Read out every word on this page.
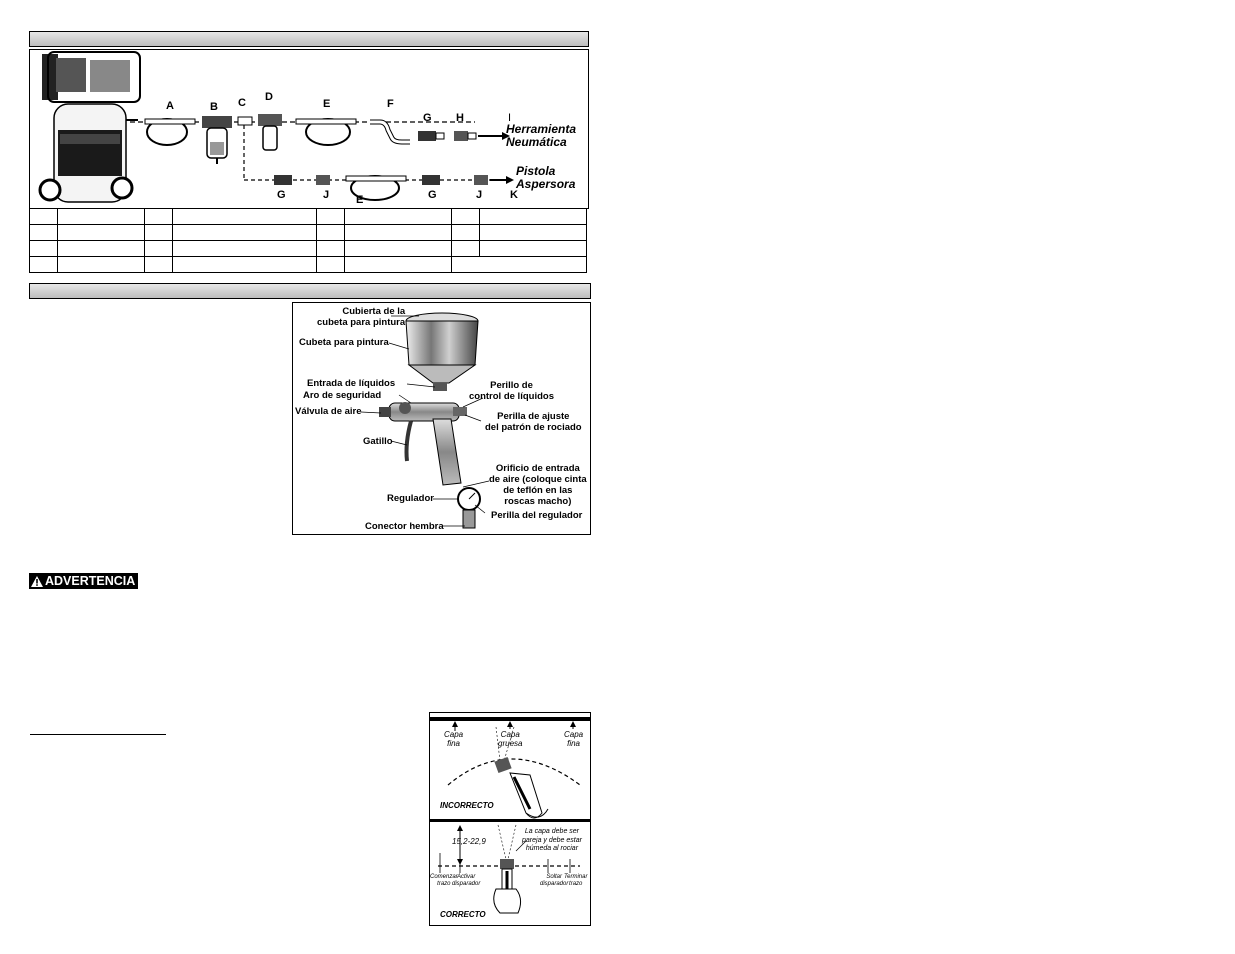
A	B C D
E	F
G H	I
Herramienta
Neumática
Pistola
Aspersora
G	J E	G	J	K

Cubierta de la
cubeta para pintura
Cubeta para pintura
Entrada de líquidos
Aro de seguridad
Válvula de aire
Gatillo
Perillo de
control de líquidos
Perilla de ajuste
del patrón de rociado
Orificio de entrada
de aire (coloque cinta
de teflón en las
roscas macho)
Regulador
Perilla del regulador
Conector hembra
ADVERTENCIA
Capa
fina
Capa
gruesa
Capa
fina
INCORRECTO
La capa debe ser
pareja y debe estar
húmeda al rociar
15,2-22,9
Comenzar
trazo
Activar
disparador
Soltar
disparador
Terminar
trazo
CORRECTO
